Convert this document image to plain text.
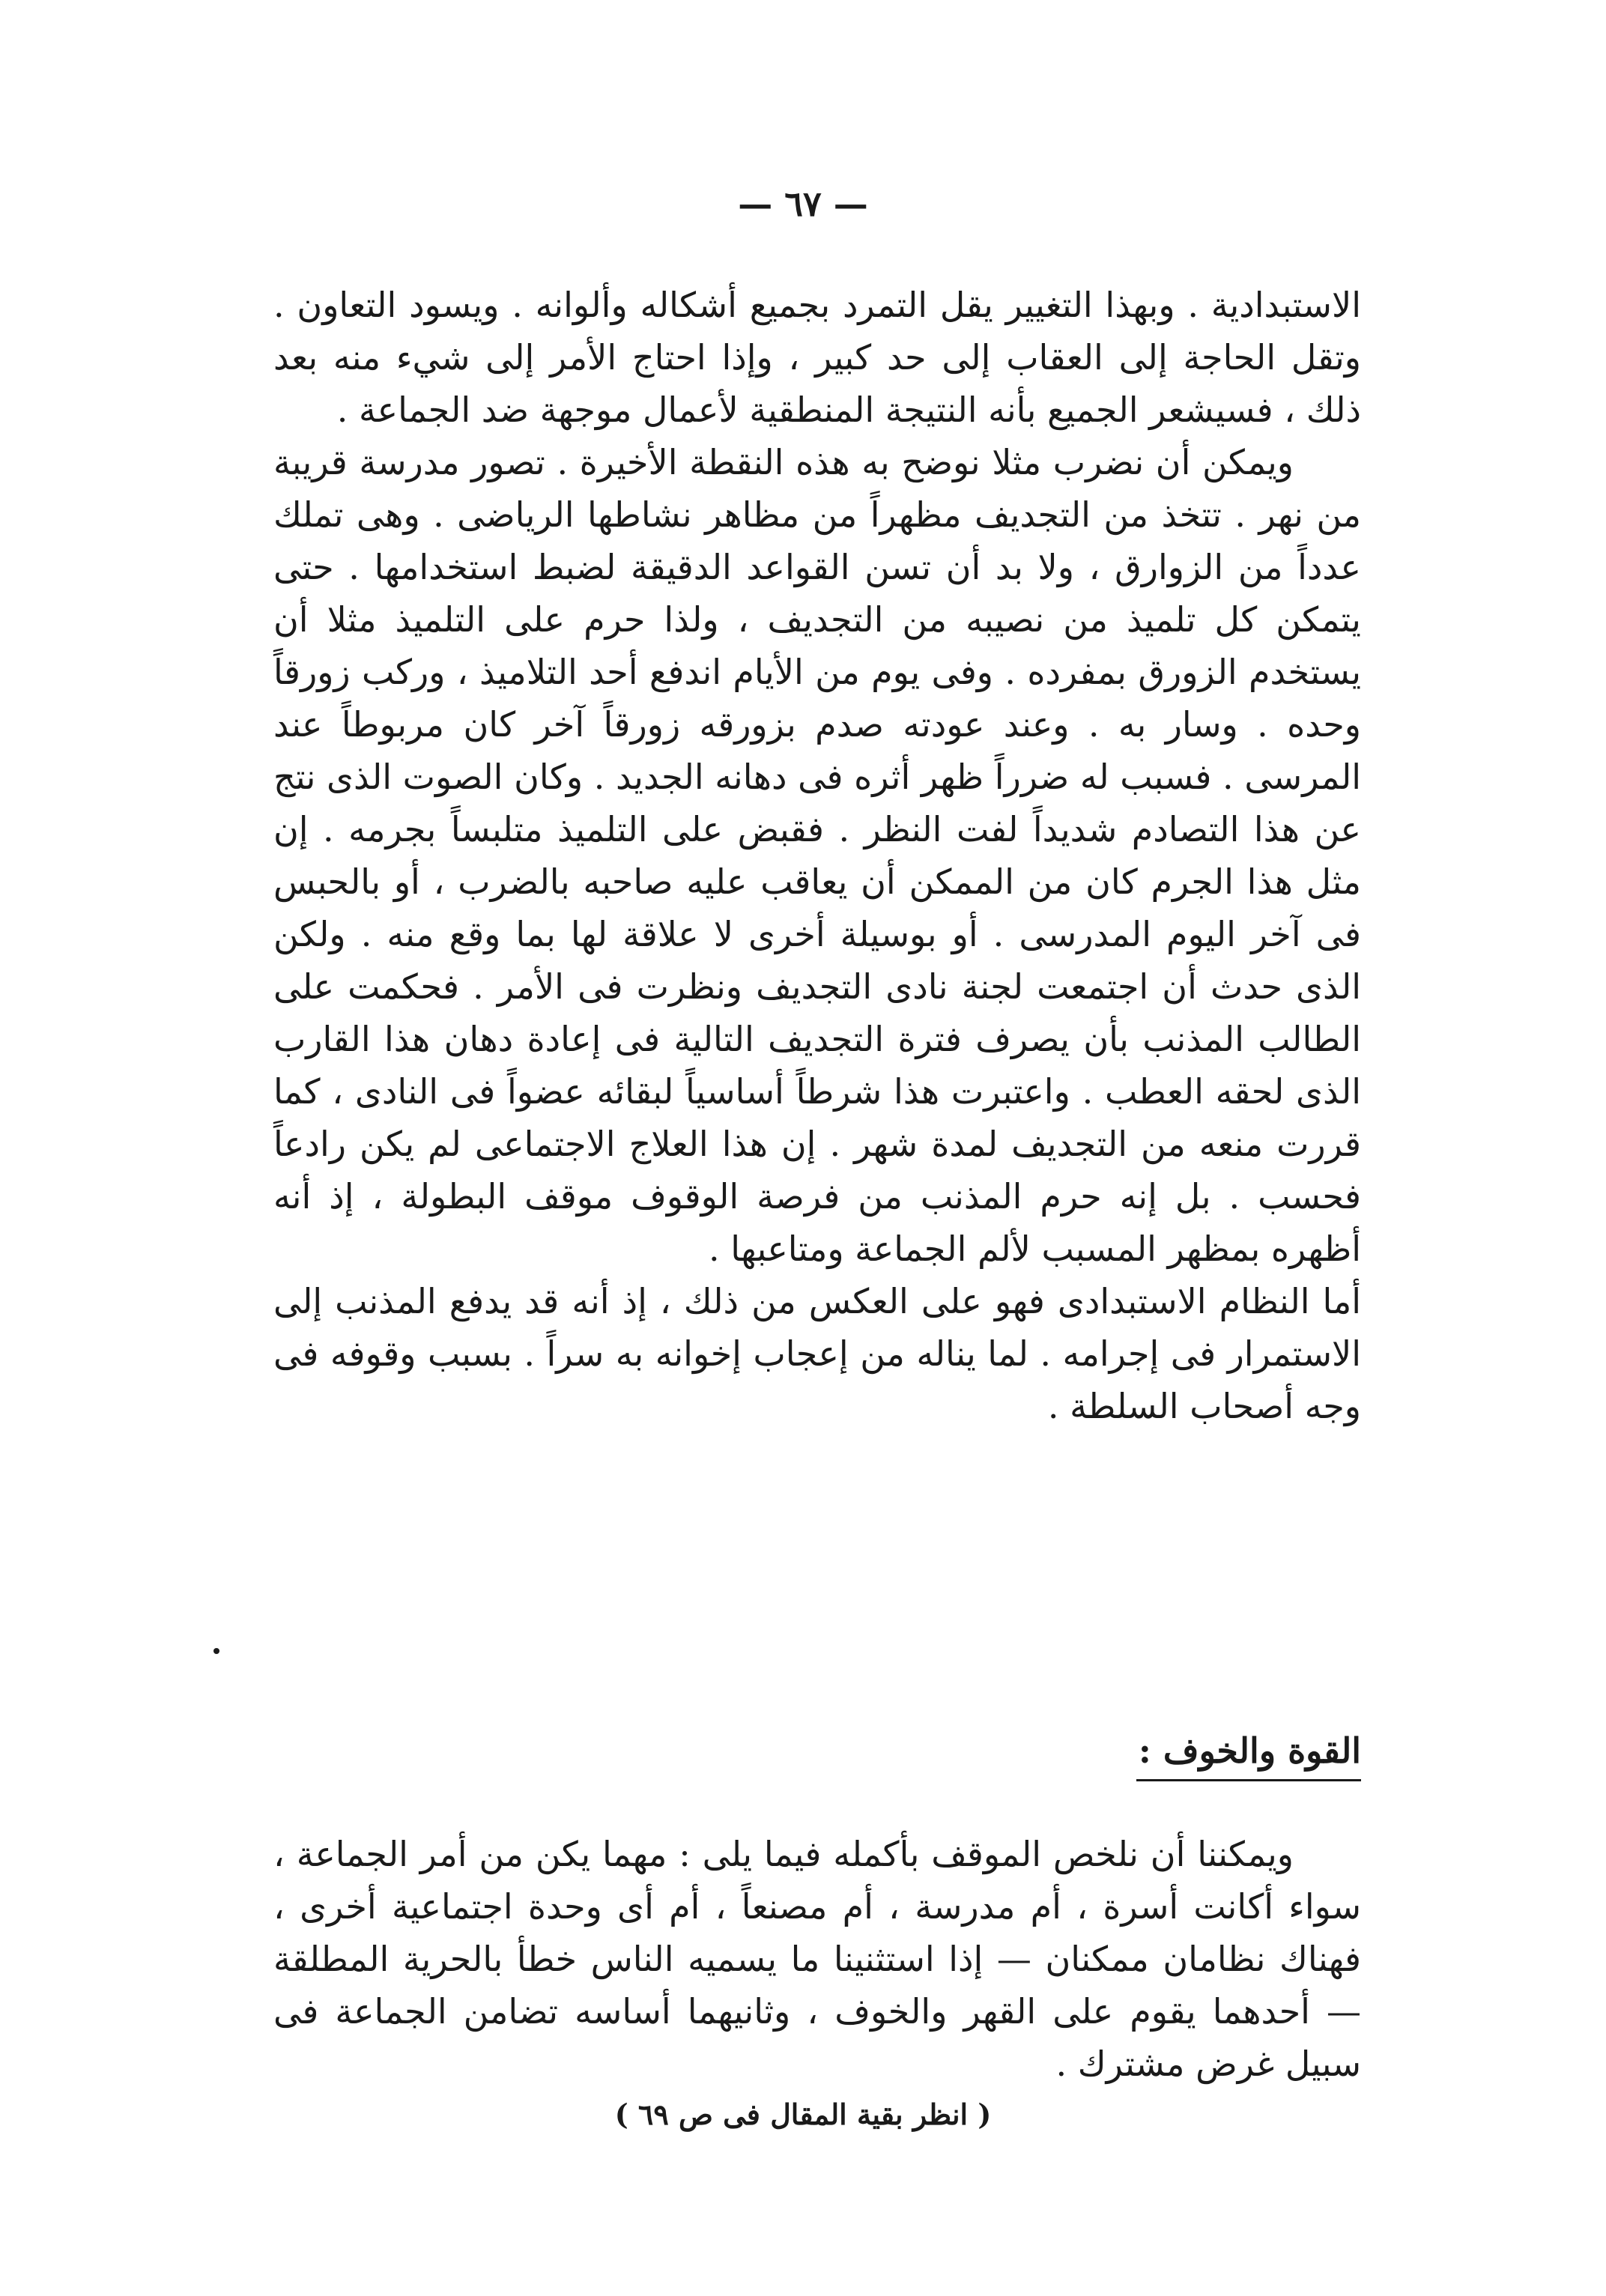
— ٦٧ —

الاستبدادية . وبهذا التغيير يقل التمرد بجميع أشكاله وألوانه . ويسود التعاون . وتقل الحاجة إلى العقاب إلى حد كبير ، وإذا احتاج الأمر إلى شيء منه بعد ذلك ، فسيشعر الجميع بأنه النتيجة المنطقية لأعمال موجهة ضد الجماعة .

ويمكن أن نضرب مثلا نوضح به هذه النقطة الأخيرة . تصور مدرسة قريبة من نهر . تتخذ من التجديف مظهراً من مظاهر نشاطها الرياضى . وهى تملك عدداً من الزوارق ، ولا بد أن تسن القواعد الدقيقة لضبط استخدامها . حتى يتمكن كل تلميذ من نصيبه من التجديف ، ولذا حرم على التلميذ مثلا أن يستخدم الزورق بمفرده . وفى يوم من الأيام اندفع أحد التلاميذ ، وركب زورقاً وحده . وسار به . وعند عودته صدم بزورقه زورقاً آخر كان مربوطاً عند المرسى . فسبب له ضرراً ظهر أثره فى دهانه الجديد . وكان الصوت الذى نتج عن هذا التصادم شديداً لفت النظر . فقبض على التلميذ متلبساً بجرمه . إن مثل هذا الجرم كان من الممكن أن يعاقب عليه صاحبه بالضرب ، أو بالحبس فى آخر اليوم المدرسى . أو بوسيلة أخرى لا علاقة لها بما وقع منه . ولكن الذى حدث أن اجتمعت لجنة نادى التجديف ونظرت فى الأمر . فحكمت على الطالب المذنب بأن يصرف فترة التجديف التالية فى إعادة دهان هذا القارب الذى لحقه العطب . واعتبرت هذا شرطاً أساسياً لبقائه عضواً فى النادى ، كما قررت منعه من التجديف لمدة شهر . إن هذا العلاج الاجتماعى لم يكن رادعاً فحسب . بل إنه حرم المذنب من فرصة الوقوف موقف البطولة ، إذ أنه أظهره بمظهر المسبب لألم الجماعة ومتاعبها .

أما النظام الاستبدادى فهو على العكس من ذلك ، إذ أنه قد يدفع المذنب إلى الاستمرار فى إجرامه . لما يناله من إعجاب إخوانه به سراً . بسبب وقوفه فى وجه أصحاب السلطة .

القوة والخوف :

ويمكننا أن نلخص الموقف بأكمله فيما يلى : مهما يكن من أمر الجماعة ، سواء أكانت أسرة ، أم مدرسة ، أم مصنعاً ، أم أى وحدة اجتماعية أخرى ، فهناك نظامان ممكنان — إذا استثنينا ما يسميه الناس خطأ بالحرية المطلقة — أحدهما يقوم على القهر والخوف ، وثانيهما أساسه تضامن الجماعة فى سبيل غرض مشترك .

( انظر بقية المقال فى ص ٦٩ )
